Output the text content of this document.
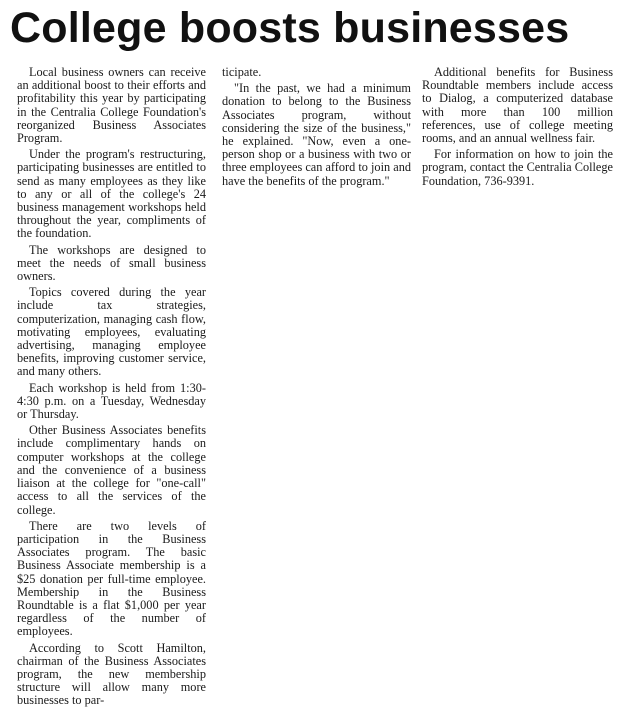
College boosts businesses

Local business owners can receive an additional boost to their efforts and profitability this year by participating in the Centralia College Foundation's reorganized Business Associates Program.

Under the program's restructuring, participating businesses are entitled to send as many employees as they like to any or all of the college's 24 business management workshops held throughout the year, compliments of the foundation.

The workshops are designed to meet the needs of small business owners.

Topics covered during the year include tax strategies, computerization, managing cash flow, motivating employees, evaluating advertising, managing employee benefits, improving customer service, and many others.

Each workshop is held from 1:30-4:30 p.m. on a Tuesday, Wednesday or Thursday.

Other Business Associates benefits include complimentary hands on computer workshops at the college and the convenience of a business liaison at the college for "one-call" access to all the services of the college.

There are two levels of participation in the Business Associates program. The basic Business Associate membership is a $25 donation per full-time employee. Membership in the Business Roundtable is a flat $1,000 per year regardless of the number of employees.

According to Scott Hamilton, chairman of the Business Associates program, the new membership structure will allow many more businesses to par-

ticipate.

"In the past, we had a minimum donation to belong to the Business Associates program, without considering the size of the business," he explained. "Now, even a one-person shop or a business with two or three employees can afford to join and have the benefits of the program."

Additional benefits for Business Roundtable members include access to Dialog, a computerized database with more than 100 million references, use of college meeting rooms, and an annual wellness fair.

For information on how to join the program, contact the Centralia College Foundation, 736-9391.
